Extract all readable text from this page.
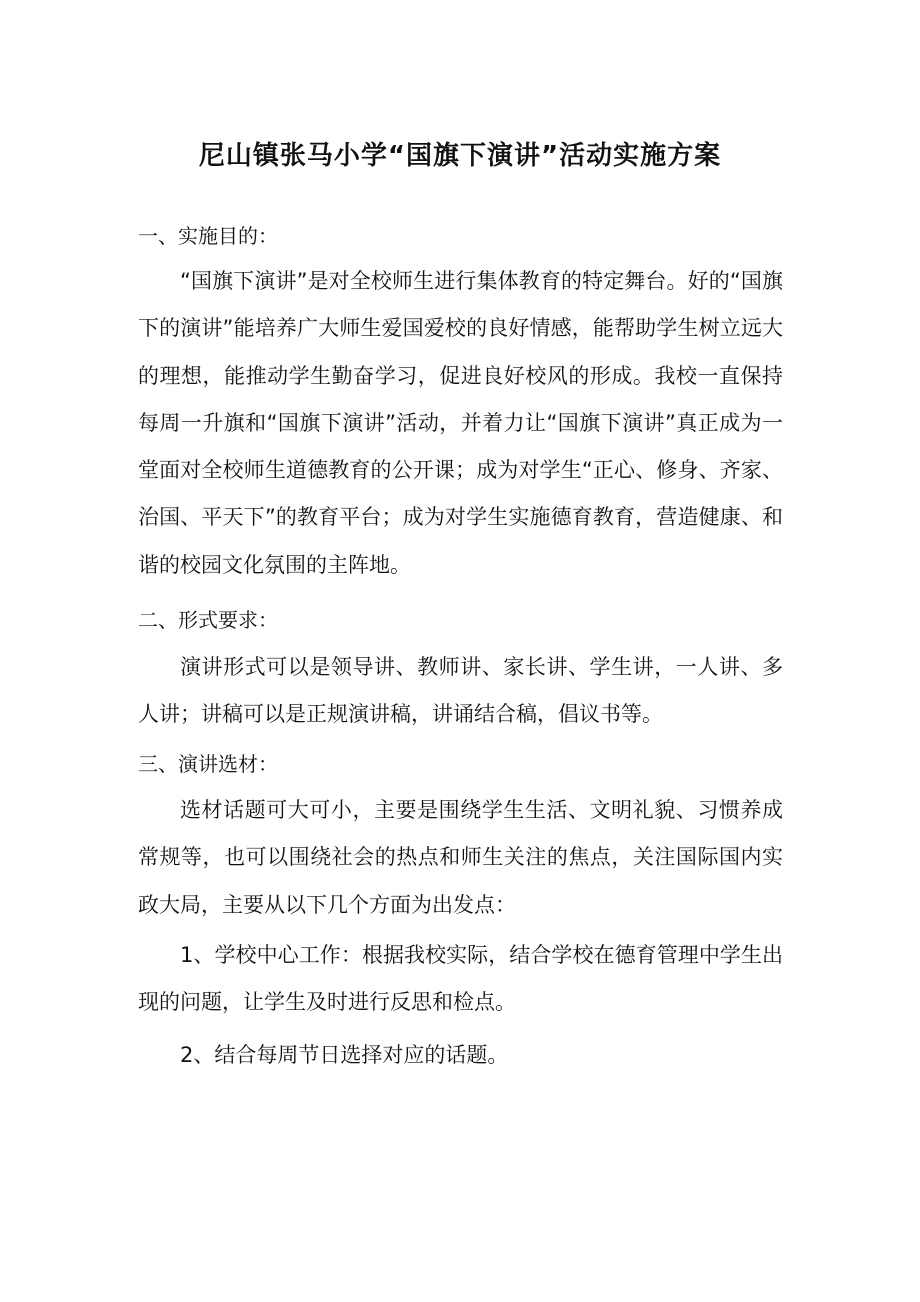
尼山镇张马小学“国旗下演讲”活动实施方案
一、实施目的：

“国旗下演讲”是对全校师生进行集体教育的特定舞台。好的“国旗下的演讲”能培养广大师生爱国爱校的良好情感，能帮助学生树立远大的理想，能推动学生勤奋学习，促进良好校风的形成。我校一直保持每周一升旗和“国旗下演讲”活动，并着力让“国旗下演讲”真正成为一堂面对全校师生道德教育的公开课；成为对学生“正心、修身、齐家、治国、平天下”的教育平台；成为对学生实施德育教育，营造健康、和谐的校园文化氛围的主阵地。

二、形式要求：

演讲形式可以是领导讲、教师讲、家长讲、学生讲，一人讲、多人讲；讲稿可以是正规演讲稿，讲诵结合稿，倡议书等。

三、演讲选材：

选材话题可大可小，主要是围绕学生生活、文明礼貌、习惯养成常规等，也可以围绕社会的热点和师生关注的焦点，关注国际国内实政大局，主要从以下几个方面为出发点：

1、学校中心工作：根据我校实际，结合学校在德育管理中学生出现的问题，让学生及时进行反思和检点。

2、结合每周节日选择对应的话题。
